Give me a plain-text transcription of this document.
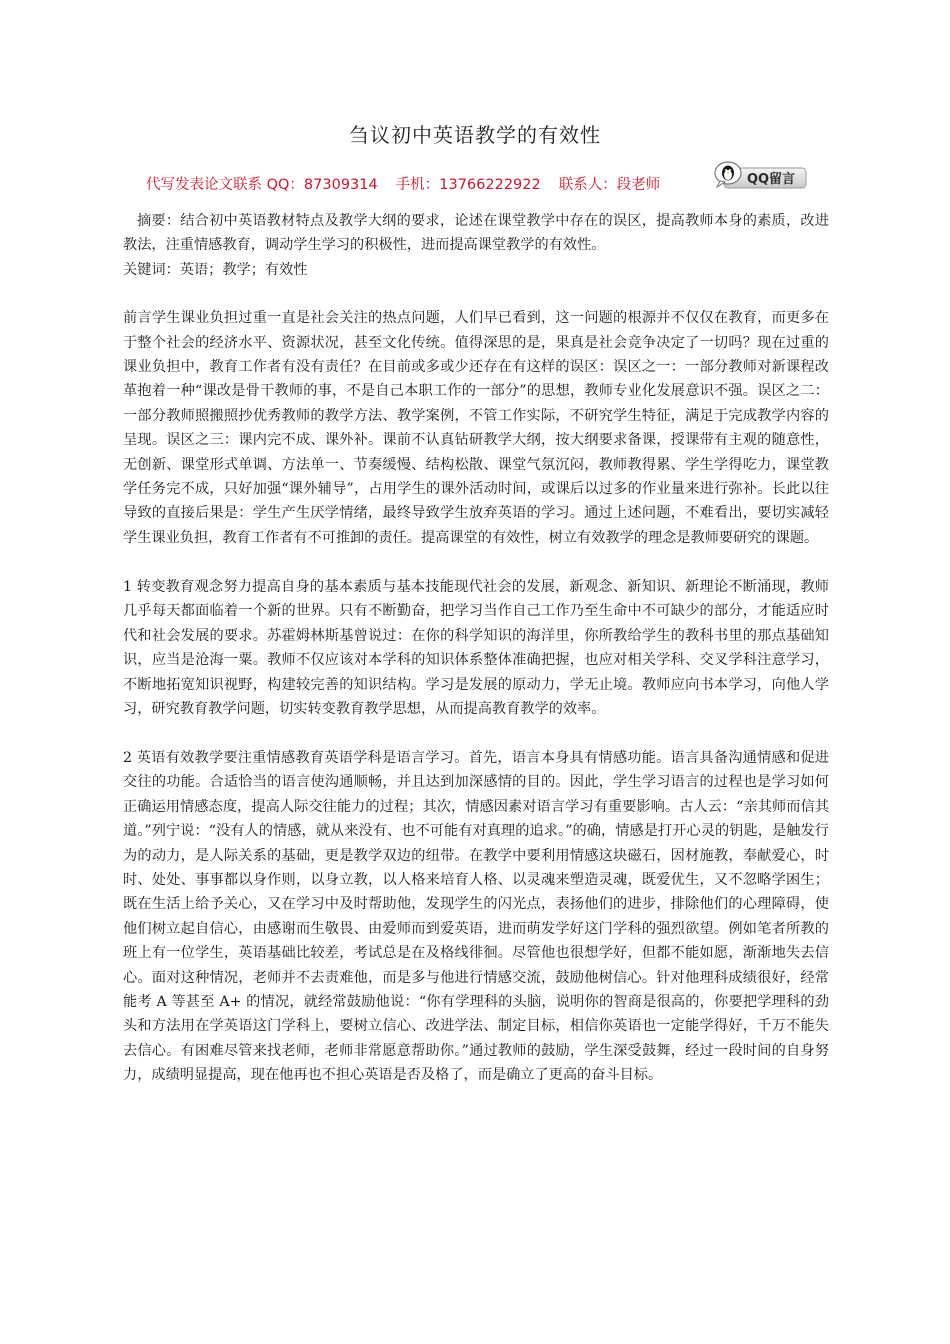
刍议初中英语教学的有效性
代写发表论文联系 QQ：87309314 手机：13766222922 联系人：段老师	QQ留言

摘要：结合初中英语教材特点及教学大纲的要求，论述在课堂教学中存在的误区，提高教师本身的素质，改进教法，注重情感教育，调动学生学习的积极性，进而提高课堂教学的有效性。

关键词：英语；教学；有效性

前言学生课业负担过重一直是社会关注的热点问题，人们早已看到，这一问题的根源并不仅仅在教育，而更多在于整个社会的经济水平、资源状况，甚至文化传统。值得深思的是，果真是社会竞争决定了一切吗？现在过重的课业负担中，教育工作者有没有责任？在目前或多或少还存在有这样的误区：误区之一：一部分教师对新课程改革抱着一种“课改是骨干教师的事，不是自己本职工作的一部分”的思想，教师专业化发展意识不强。误区之二：一部分教师照搬照抄优秀教师的教学方法、教学案例，不管工作实际，不研究学生特征，满足于完成教学内容的呈现。误区之三：课内完不成、课外补。课前不认真钻研教学大纲，按大纲要求备课，授课带有主观的随意性，无创新、课堂形式单调、方法单一、节奏缓慢、结构松散、课堂气氛沉闷，教师教得累、学生学得吃力，课堂教学任务完不成，只好加强“课外辅导”，占用学生的课外活动时间，或课后以过多的作业量来进行弥补。长此以往导致的直接后果是：学生产生厌学情绪，最终导致学生放弃英语的学习。通过上述问题，不难看出，要切实减轻学生课业负担，教育工作者有不可推卸的责任。提高课堂的有效性，树立有效教学的理念是教师要研究的课题。

1 转变教育观念努力提高自身的基本素质与基本技能现代社会的发展，新观念、新知识、新理论不断涌现，教师几乎每天都面临着一个新的世界。只有不断勤奋，把学习当作自己工作乃至生命中不可缺少的部分，才能适应时代和社会发展的要求。苏霍姆林斯基曾说过：在你的科学知识的海洋里，你所教给学生的教科书里的那点基础知识，应当是沧海一粟。教师不仅应该对本学科的知识体系整体准确把握，也应对相关学科、交叉学科注意学习，不断地拓宽知识视野，构建较完善的知识结构。学习是发展的原动力，学无止境。教师应向书本学习，向他人学习，研究教育教学问题，切实转变教育教学思想，从而提高教育教学的效率。

2 英语有效教学要注重情感教育英语学科是语言学习。首先，语言本身具有情感功能。语言具备沟通情感和促进交往的功能。合适恰当的语言使沟通顺畅，并且达到加深感情的目的。因此，学生学习语言的过程也是学习如何正确运用情感态度，提高人际交往能力的过程；其次，情感因素对语言学习有重要影响。古人云：“亲其师而信其道。”列宁说：“没有人的情感，就从来没有、也不可能有对真理的追求。”的确，情感是打开心灵的钥匙，是触发行为的动力，是人际关系的基础，更是教学双边的纽带。在教学中要利用情感这块磁石，因材施教，奉献爱心，时时、处处、事事都以身作则，以身立教，以人格来培育人格、以灵魂来塑造灵魂，既爱优生，又不忽略学困生；既在生活上给予关心，又在学习中及时帮助他，发现学生的闪光点，表扬他们的进步，排除他们的心理障碍，使他们树立起自信心，由感谢而生敬畏、由爱师而到爱英语，进而萌发学好这门学科的强烈欲望。例如笔者所教的班上有一位学生，英语基础比较差，考试总是在及格线徘徊。尽管他也很想学好，但都不能如愿，渐渐地失去信心。面对这种情况，老师并不去责难他，而是多与他进行情感交流，鼓励他树信心。针对他理科成绩很好，经常能考 A 等甚至 A+ 的情况，就经常鼓励他说：“你有学理科的头脑，说明你的智商是很高的，你要把学理科的劲头和方法用在学英语这门学科上，要树立信心、改进学法、制定目标，相信你英语也一定能学得好，千万不能失去信心。有困难尽管来找老师，老师非常愿意帮助你。”通过教师的鼓励，学生深受鼓舞，经过一段时间的自身努力，成绩明显提高，现在他再也不担心英语是否及格了，而是确立了更高的奋斗目标。
